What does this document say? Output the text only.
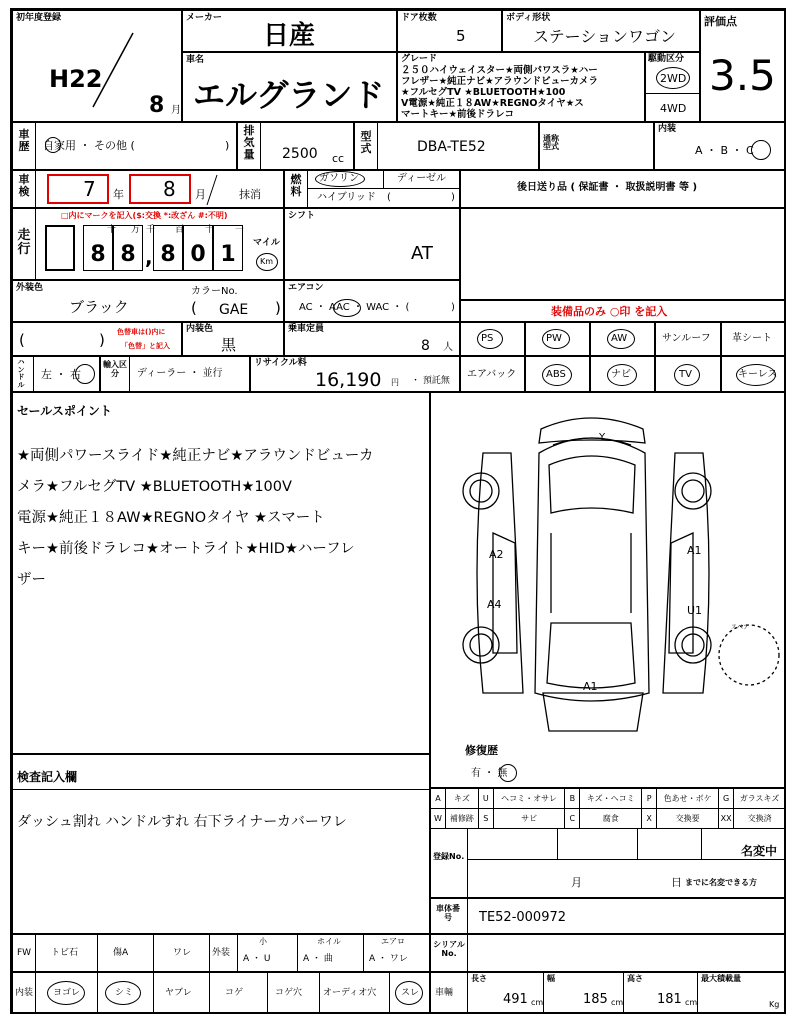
初年度登録
H22
8 月
メーカー
日産
ドア枚数
5
ボディ形状
ステーションワゴン
評価点
3.5
車名
エルグランド
グレード
２５０ハイウェイスター★両側パワスラ★ハー
フレザー★純正ナビ★アラウンドビューカメラ
★フルセグTV ★BLUETOOTH★100
V電源★純正１８AW★REGNOタイヤ★ス
マートキー★前後ドラレコ
駆動区分
2WD
4WD
車歴 自家用 ・ その他 (	)
排気量 2500 cc
型式	DBA-TE52
通称型式
内装
A ・ B ・ C
車検	7 年 8 月	抹消
燃料
ガソリン	ディーゼル
ハイブリッド (	)
後日送り品 ( 保証書 ・ 取扱説明書 等 )
走行
□内にマークを記入($:交換 *:改ざん #:不明)
8 8	8 0 1
十 万 千 百 十 一
,
マイル
Km
シフト
AT
外装色
ブラック
カラーNo.
( GAE )
エアコン
AC ・ AAC ・ WAC ・ (	)	装備品のみ ○印 を記入
(	) 色替車は()内に
「色替」と記入
内装色
黒
乗車定員
8 人
PS	PW	AW	サンルーフ 革シート
ハンドル
左 ・ 右
輸入区分	ディーラー ・ 並行
リサイクル料
16,190 円 ・ 預託無
エアバック	ABS	ナビ	TV	キーレス
セールスポイント
★両側パワースライド★純正ナビ★アラウンドビューカ
メラ★フルセグTV ★BLUETOOTH★100V
電源★純正１８AW★REGNOタイヤ ★スマート
キー★前後ドラレコ★オートライト★HID★ハーフレ
ザー
Y
A2
A4
A1
U1
A1
スペア
修復歴
有 ・ 無
検査記入欄
ダッシュ割れ ハンドルすれ 右下ライナーカバーワレ
A	キズ	U	ヘコミ・オサレ	B	キズ・ヘコミ	P	色あせ・ボケ	G	ガラスキズ
W	補修跡	S	サビ	C	腐食	X	交換要	XX	交換済
登録No.	名変中
月	日 までに名変できる方
車体番号	TE52-000972
FW トビ石	傷A	ワレ 外装
小
A ・ U
ホイル
A ・ 曲
エアロ
A ・ ワレ
シリアルNo.
内装 ヨゴレ	シミ	ヤブレ	コゲ	コゲ穴 オーディオ穴	スレ 車輛
長さ
491 cm
幅
185 cm
高さ
181 cm
最大積載量
Kg
